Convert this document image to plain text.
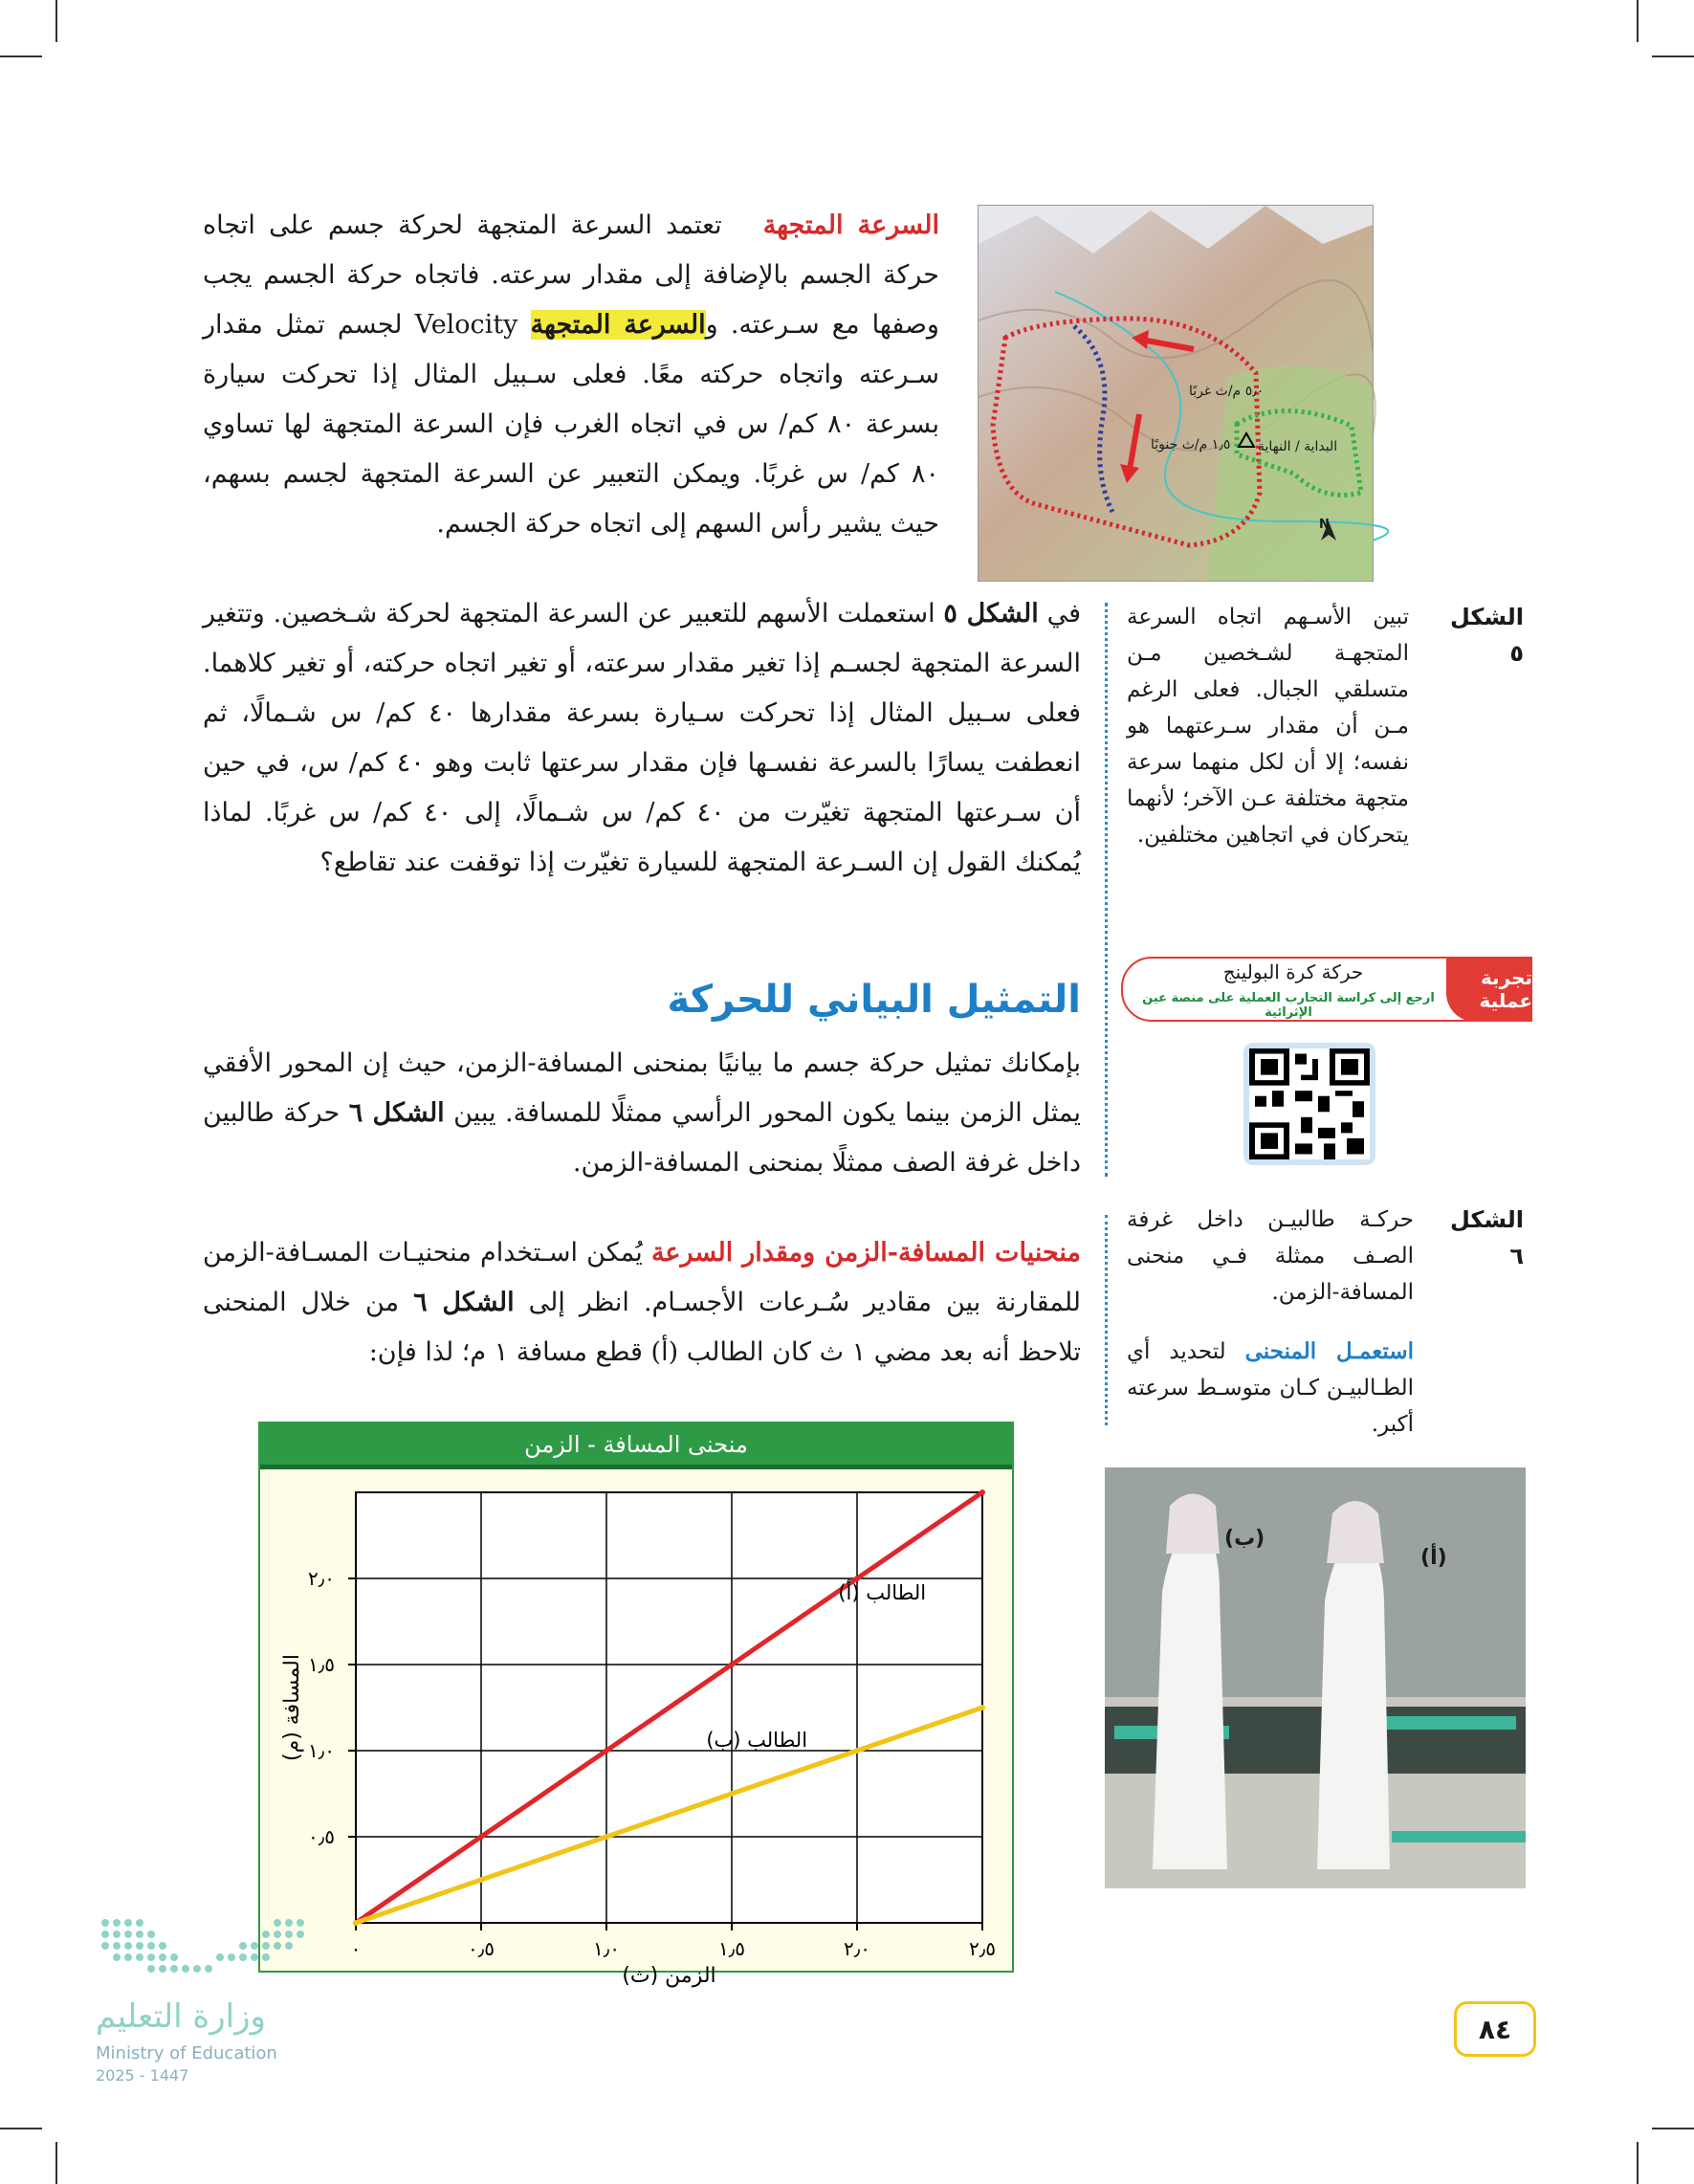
السرعة المتجهة   تعتمد السرعة المتجهة لحركة جسم على اتجاه حركة الجسم بالإضافة إلى مقدار سرعته. فاتجاه حركة الجسم يجب وصفها مع سـرعته. والسرعة المتجهة Velocity لجسم تمثل مقدار سـرعته واتجاه حركته معًا. فعلى سـبيل المثال إذا تحركت سيارة بسرعة ٨٠ كم/ س في اتجاه الغرب فإن السرعة المتجهة لها تساوي ٨٠ كم/ س غربًا. ويمكن التعبير عن السرعة المتجهة لجسم بسهم، حيث يشير رأس السهم إلى اتجاه حركة الجسم.
٥٫٠ م/ث غربًا
١٫٥ م/ث جنوبًا البداية / النهاية
N
في الشكل ٥ استعملت الأسهم للتعبير عن السرعة المتجهة لحركة شـخصين. وتتغير السرعة المتجهة لجسـم إذا تغير مقدار سرعته، أو تغير اتجاه حركته، أو تغير كلاهما. فعلى سـبيل المثال إذا تحركت سـيارة بسرعة مقدارها ٤٠ كم/ س شـمالًا، ثم انعطفت يسارًا بالسرعة نفسـها فإن مقدار سرعتها ثابت وهو ٤٠ كم/ س، في حين أن سـرعتها المتجهة تغيّرت من ٤٠ كم/ س شـمالًا، إلى ٤٠ كم/ س غربًا. لماذا يُمكنك القول إن السـرعة المتجهة للسيارة تغيّرت إذا توقفت عند تقاطع؟
الشكل ٥
تبين الأسـهم اتجاه السرعة المتجهـة لشـخصين مـن متسلقي الجبال. فعلى الرغم مـن أن مقدار سـرعتهما هو نفسه؛ إلا أن لكل منهما سرعة متجهة مختلفة عـن الآخر؛ لأنهما يتحركان في اتجاهين مختلفين.
تجربة عملية
حركة كرة البولينج
ارجع إلى كراسة التجارب العملية على منصة عين الإثرائية
التمثيل البياني للحركة
بإمكانك تمثيل حركة جسم ما بيانيًا بمنحنى المسافة-الزمن، حيث إن المحور الأفقي يمثل الزمن بينما يكون المحور الرأسي ممثلًا للمسافة. يبين الشكل ٦ حركة طالبين داخل غرفة الصف ممثلًا بمنحنى المسافة-الزمن.
منحنيات المسافة-الزمن ومقدار السرعة يُمكن اسـتخدام منحنيـات المسـافة-الزمن للمقارنة بين مقادير سُـرعات الأجسـام. انظر إلى الشكل ٦ من خلال المنحنى تلاحظ أنه بعد مضي ١ ث كان الطالب (أ) قطع مسافة ١ م؛ لذا فإن:
الشكل ٦
حركـة طالبيـن داخل غرفة الصـف ممثلة فـي منحنى المسافة-الزمن.
استعمـل المنحنى لتحديد أي الطـالبيـن كـان متوسـط سرعته أكبر.
(ب)
(أ)
منحنى المسافة - الزمن
٠٫٥	١٫٠	١٫٥	٢٫٠	٢٫٥
٠٫٥
١٫٠
١٫٥
٢٫٠
٠
الزمن (ث)
المسافة (م)
الطالب (أ)
الطالب (ب)
وزارة التعليم
Ministry of Education
2025 - 1447
٨٤
